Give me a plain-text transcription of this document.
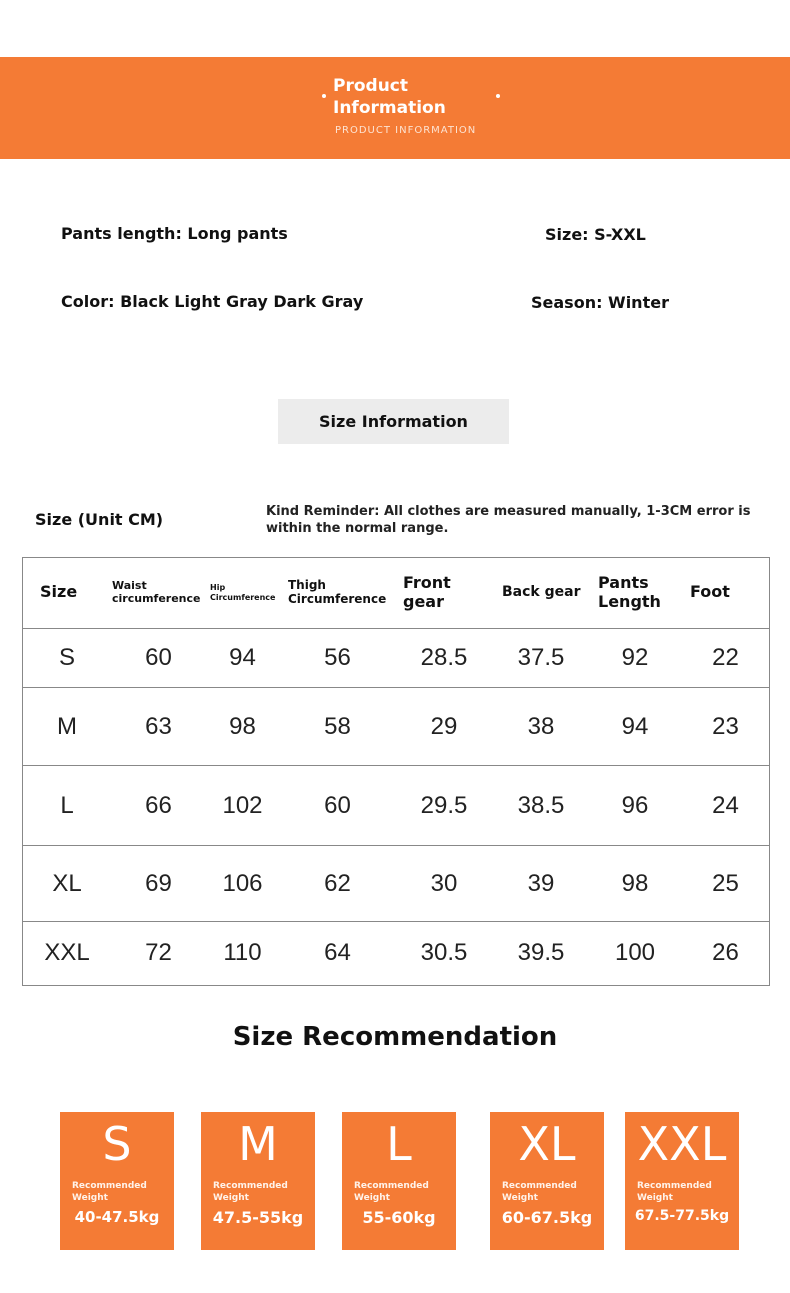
Product Information
PRODUCT INFORMATION
Pants length: Long pants	Size: S-XXL
Color: Black Light Gray Dark Gray	Season: Winter
Size Information
Size (Unit CM)	Kind Reminder: All clothes are measured manually, 1-3CM error is within the normal range.
Size	Waist circumference	Hip Circumference	Thigh Circumference	Front gear	Back gear	Pants Length	Foot
S	60	94	56	28.5	37.5	92	22
M	63	98	58	29	38	94	23
L	66	102	60	29.5	38.5	96	24
XL	69	106	62	30	39	98	25
XXL	72	110	64	30.5	39.5	100	26
Size Recommendation
S
Recommended Weight
40-47.5kg
M
Recommended Weight
47.5-55kg
L
Recommended Weight
55-60kg
XL
Recommended Weight
60-67.5kg
XXL
Recommended Weight
67.5-77.5kg
